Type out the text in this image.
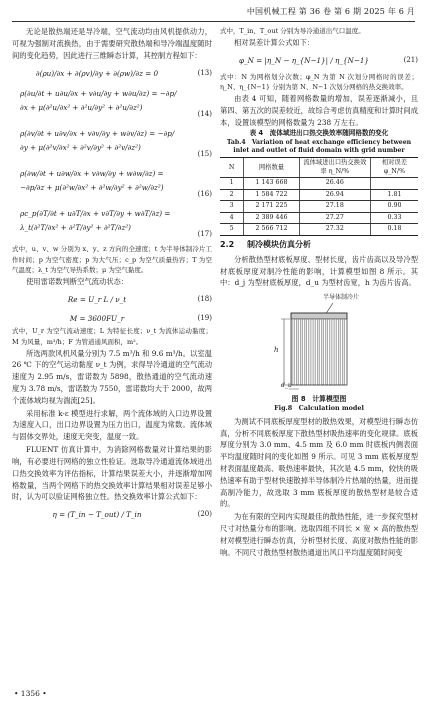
中国机械工程 第 36 卷 第 6 期 2025 年 6 月

无论是散热端还是导冷端，空气流动均由风机提供动力，可视为强制对流换热，由于需要研究散热端和导冷端温度随时间的变化趋势，因此进行三维瞬态计算，其控制方程如下：

∂(ρu)/∂x + ∂(ρv)/∂y + ∂(ρw)/∂z = 0	(13)
ρ(∂u/∂t + u∂u/∂x + v∂u/∂y + w∂u/∂z) = −∂p/∂x + μ(∂²u/∂x² + ∂²u/∂y² + ∂²u/∂z²)
(14)
ρ(∂v/∂t + u∂v/∂x + v∂v/∂y + w∂v/∂z) = −∂p/∂y + μ(∂²v/∂x² + ∂²v/∂y² + ∂²v/∂z²)
(15)
ρ(∂w/∂t + u∂w/∂x + v∂w/∂y + w∂w/∂z) = −∂p/∂z + μ(∂²w/∂x² + ∂²w/∂y² + ∂²w/∂z²)
(16)
ρc_p(∂T/∂t + u∂T/∂x + v∂T/∂y + w∂T/∂z) = λ_t(∂²T/∂x² + ∂²T/∂y² + ∂²T/∂z²)
(17)

式中，u、v、w 分别为 x、y、z 方向的全速度；t 为半导体制冷片工作时间；p 为空气密度；p 为大气压；c_p 为空气质量热容；T 为空气温度；λ_t 为空气导热系数；μ 为空气黏度。

使用雷诺数判断空气流动状态：

Re = U_r L / ν_t	(18)
M = 3600FU_r	(19)

式中，U_r 为空气流动速度；L 为特征长度；ν_t 为流体运动黏度；M 为风量，m³/h；F 为管道通风面积，m²。

所选两款风机风量分别为 7.5 m³/h 和 9.6 m³/h。以室温 26 ℃ 下的空气运动黏度 ν_t 为例，求得导冷通道的空气流动速度为 2.95 m/s，雷诺数为 5898，散热通道的空气流动速度为 3.78 m/s，雷诺数为 7550，雷诺数均大于 2000，故两个流体域均视为湍流[25]。

采用标准 k-ε 模型进行求解，两个流体域的入口边界设置为速度入口，出口边界设置为压力出口，温度为常数。流体域与固体交界处，速度无突变，温度一致。

FLUENT 仿真计算中，为消除网格数量对计算结果的影响，有必要进行网格的独立性验证。选取导冷通道流体域进出口热交换效率为评估指标，计算结果误差大小，并逐渐增加网格数量，当两个网格下的热交换效率计算结果相对误差足够小时，认为可以验证网格独立性。热交换效率计算公式如下：

η = (T_in − T_out) / T_in	(20)

式中，T_in、T_out 分别为导冷通道出气口温度。

相对误差计算公式如下：

φ_N = |η_N − η_{N−1}| / η_{N−1}	(21)

式中：N 为网格划分次数；φ_N 为第 N 次划分网格时的误差；η_N、η_{N−1} 分别为第 N、N−1 次划分网格的热交换效率。

由表 4 可知，随着网格数量的增加，误差逐渐减小，且第四、第五次的误差较近，故综合考虑仿真精度和计算时间成本，设置该模型的网格数量为 238 万左右。

表 4　流体域进出口热交换效率随网格数的变化
Tab.4　Variation of heat exchange efficiency between
inlet and outlet of fluid domain with grid number
N	网格数量	流体域进出口热交换效率 η_N/%	相对误差 φ_N/%
1	1 143 668	26.46	
2	1 584 722	26.94	1.81
3	2 171 225	27.18	0.90
4	2 389 446	27.27	0.33
5	2 566 712	27.32	0.18
2.2 制冷模块仿真分析

分析散热型材底板厚度、型材长度，齿片齿高以及导冷型材底板厚度对制冷性能的影响，计算模型如图 8 所示。其中：d_j 为型材底板厚度，d_u 为型材齿宽，h 为齿片齿高。

半导体制冷片
h
d_u
图 8　计算模型图
Fig.8　Calculation model

为测试不同底板厚度型材的散热效果，对模型进行瞬态仿真，分析不同底板厚度下散热型材吸热速率的变化规律。底板厚度分别为 3.0 mm、4.5 mm 及 6.0 mm 时底板内侧表面平均温度随时间的变化如图 9 所示。可见 3 mm 底板厚度型材表面温度最高、吸热速率最快，其次是 4.5 mm，较快的吸热速率有助于型材快速散掉半导体制冷片热端的热量，进而提高制冷能力，故选取 3 mm 底板厚度的散热型材是较合适的。

为在有限的空间内实现最佳的散热性能，进一步探究型材尺寸对热量分布的影响。选取四组不同长 × 宽 × 高的散热型材对模型进行瞬态仿真，分析型材长度、高度对散热性能的影响。不同尺寸散热型材散热通道出风口平均温度随时间变

• 1356 •
